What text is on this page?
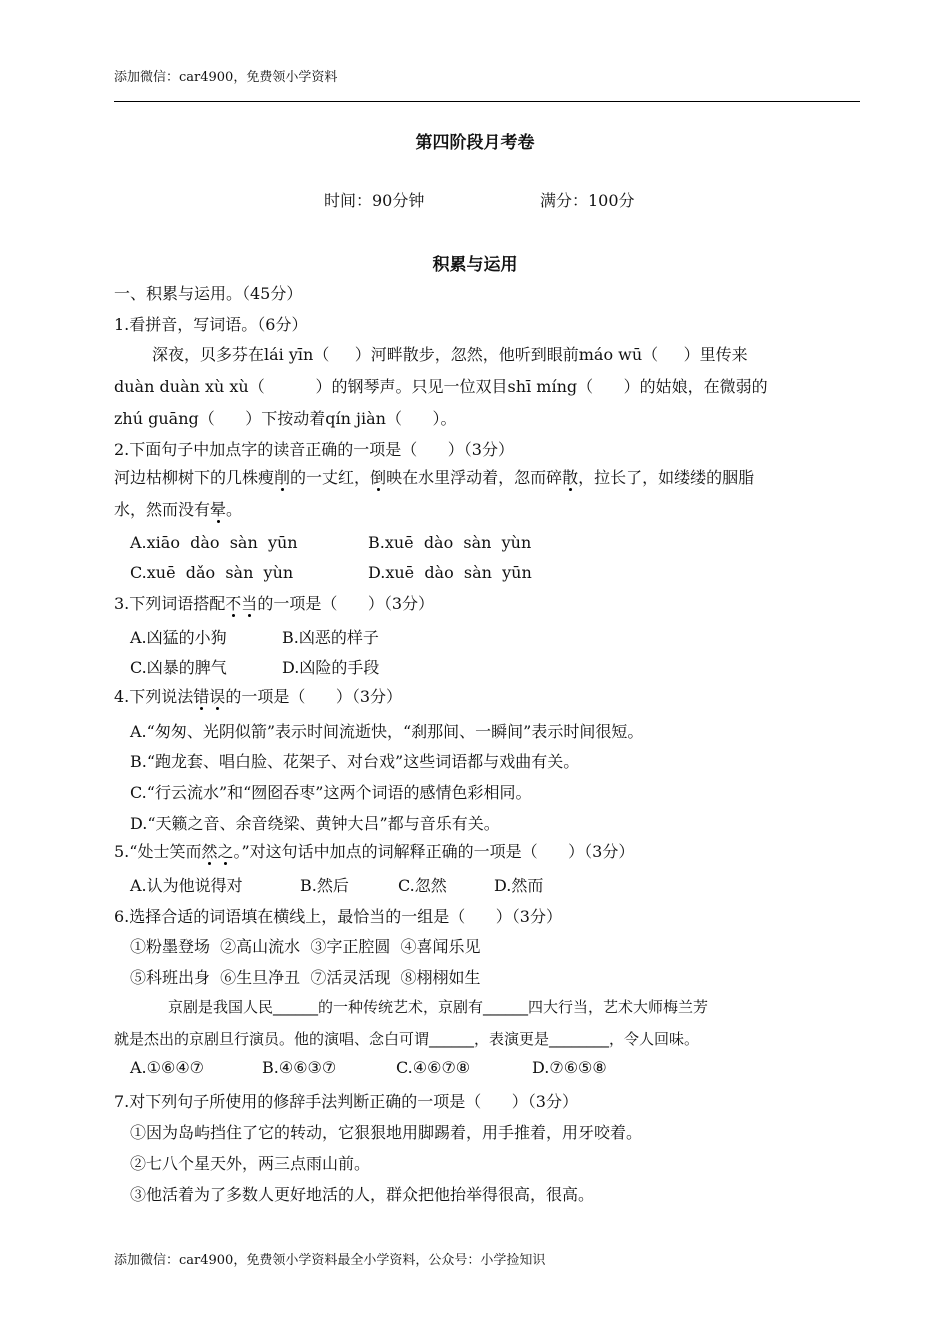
添加微信：car4900，免费领小学资料
第四阶段月考卷
时间：90分钟	满分：100分
积累与运用
一、积累与运用。（45分）
1.看拼音，写词语。（6分）
深夜，贝多芬在lái yīn（     ）河畔散步，忽然，他听到眼前máo wū（     ）里传来
duàn duàn xù xù（          ）的钢琴声。只见一位双目shī míng（      ）的姑娘，在微弱的
zhú guāng（      ）下按动着qín jiàn（      ）。
2.下面句子中加点字的读音正确的一项是（      ）（3分）
河边枯柳树下的几株瘦削的一丈红，倒映在水里浮动着，忽而碎散，拉长了，如缕缕的胭脂
水，然而没有晕。
A.xiāo  dào  sàn  yūn	B.xuē  dào  sàn  yùn
C.xuē  dǎo  sàn  yùn	D.xuē  dào  sàn  yūn
3.下列词语搭配不当的一项是（      ）（3分）
A.凶猛的小狗	B.凶恶的样子
C.凶暴的脾气	D.凶险的手段
4.下列说法错误的一项是（      ）（3分）
A.“匆匆、光阴似箭”表示时间流逝快，“刹那间、一瞬间”表示时间很短。
B.“跑龙套、唱白脸、花架子、对台戏”这些词语都与戏曲有关。
C.“行云流水”和“囫囵吞枣”这两个词语的感情色彩相同。
D.“天籁之音、余音绕梁、黄钟大吕”都与音乐有关。
5.“处士笑而然之。”对这句话中加点的词解释正确的一项是（      ）（3分）
A.认为他说得对	B.然后	C.忽然	D.然而
6.选择合适的词语填在横线上，最恰当的一组是（      ）（3分）
①粉墨登场  ②高山流水  ③字正腔圆  ④喜闻乐见
⑤科班出身  ⑥生旦净丑  ⑦活灵活现  ⑧栩栩如生
京剧是我国人民______的一种传统艺术，京剧有______四大行当，艺术大师梅兰芳
就是杰出的京剧旦行演员。他的演唱、念白可谓______，表演更是________，令人回味。
A.①⑥④⑦	B.④⑥③⑦	C.④⑥⑦⑧	D.⑦⑥⑤⑧
7.对下列句子所使用的修辞手法判断正确的一项是（      ）（3分）
①因为岛屿挡住了它的转动，它狠狠地用脚踢着，用手推着，用牙咬着。
②七八个星天外，两三点雨山前。
③他活着为了多数人更好地活的人，群众把他抬举得很高，很高。
添加微信：car4900，免费领小学资料最全小学资料，公众号：小学捡知识
